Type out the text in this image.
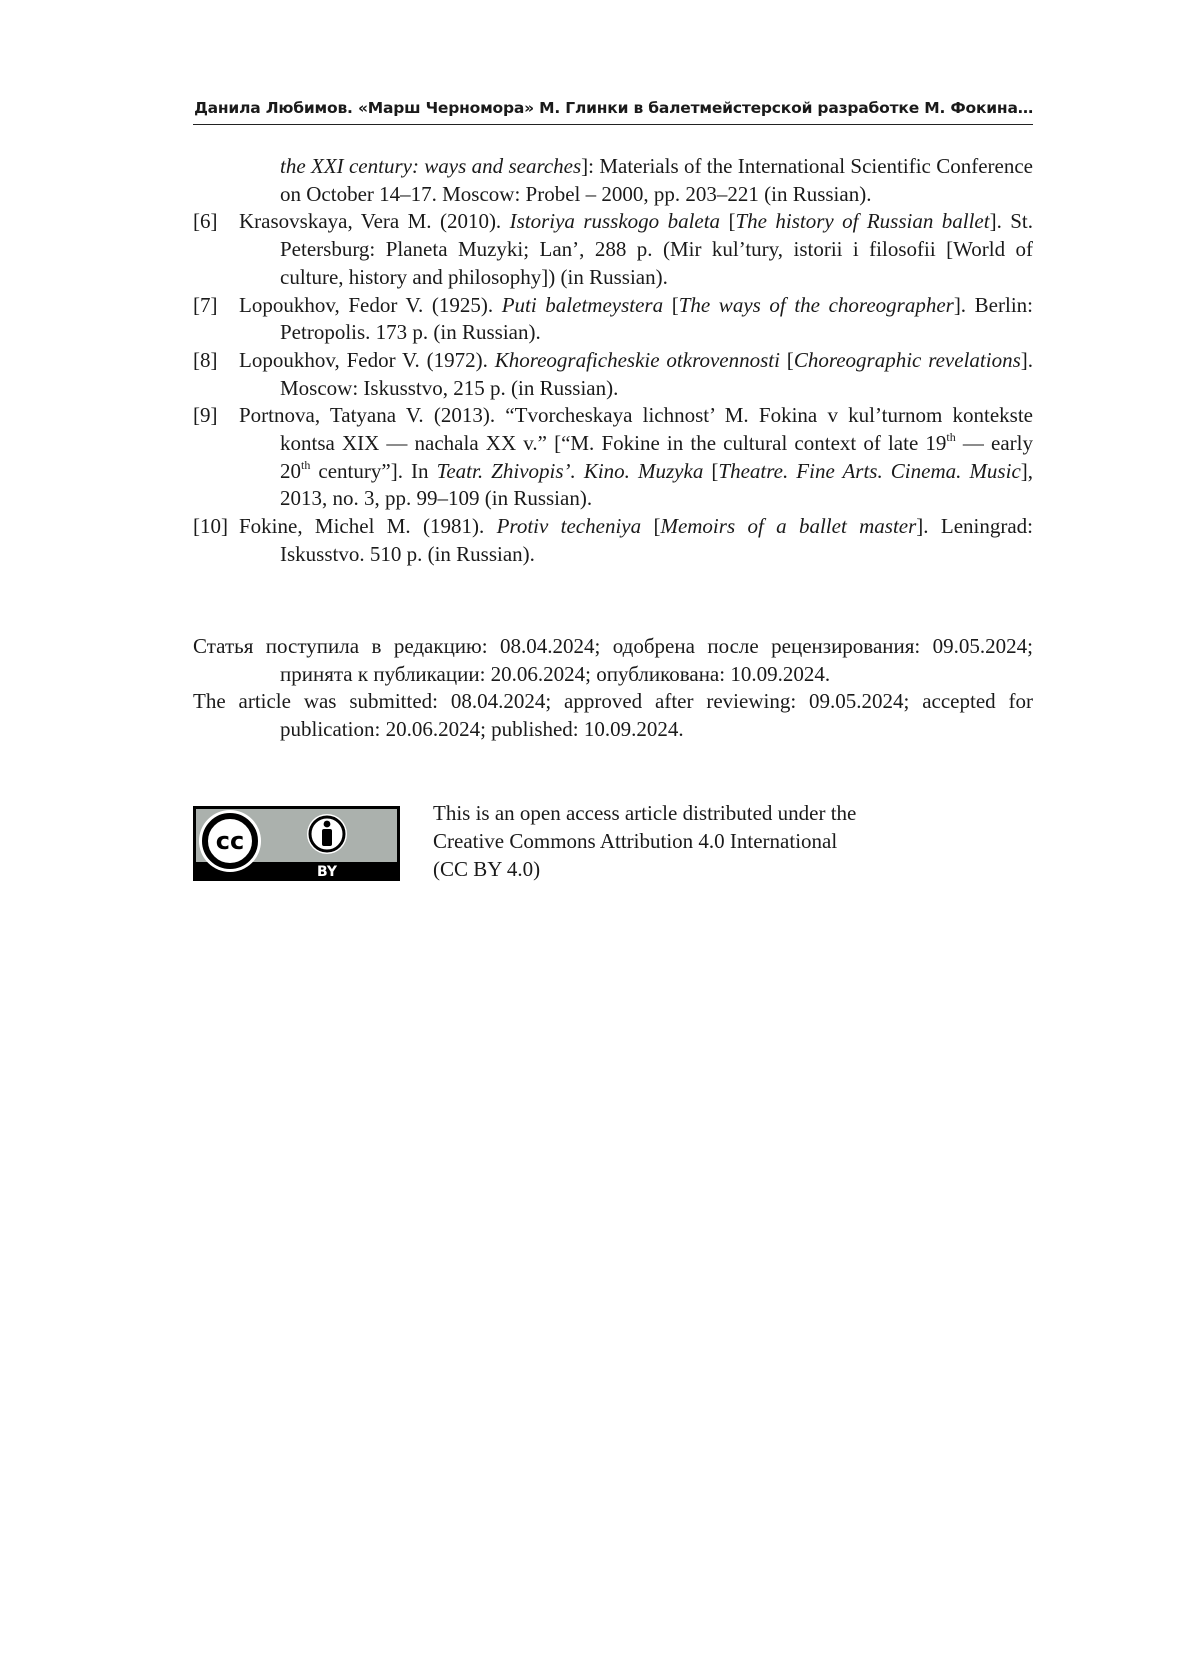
Данила Любимов. «Марш Черномора» М. Глинки в балетмейстерской разработке М. Фокина…
the XXI century: ways and searches]: Materials of the International Scientific Conference on October 14–17. Moscow: Probel – 2000, pp. 203–221 (in Russian).
[6] Krasovskaya, Vera M. (2010). Istoriya russkogo baleta [The history of Russian ballet]. St. Petersburg: Planeta Muzyki; Lan’, 288 p. (Mir kul’tury, istorii i filosofii [World of culture, history and philosophy]) (in Russian).
[7] Lopoukhov, Fedor V. (1925). Puti baletmeystera [The ways of the choreographer]. Berlin: Petropolis. 173 p. (in Russian).
[8] Lopoukhov, Fedor V. (1972). Khoreograficheskie otkrovennosti [Choreographic revelations]. Moscow: Iskusstvo, 215 p. (in Russian).
[9] Portnova, Tatyana V. (2013). “Tvorcheskaya lichnost’ M. Fokina v kul’turnom kontekste kontsa XIX — nachala XX v.” [“M. Fokine in the cultural context of late 19th — early 20th century”]. In Teatr. Zhivopis’. Kino. Muzyka [Theatre. Fine Arts. Cinema. Music], 2013, no. 3, pp. 99–109 (in Russian).
[10] Fokine, Michel M. (1981). Protiv techeniya [Memoirs of a ballet master]. Leningrad: Iskusstvo. 510 p. (in Russian).

Статья поступила в редакцию: 08.04.2024; одобрена после рецензирования: 09.05.2024; принята к публикации: 20.06.2024; опубликована: 10.09.2024.

The article was submitted: 08.04.2024; approved after reviewing: 09.05.2024; accepted for publication: 20.06.2024; published: 10.09.2024.

cc
BY
This is an open access article distributed under the Creative Commons Attribution 4.0 International (CC BY 4.0)
